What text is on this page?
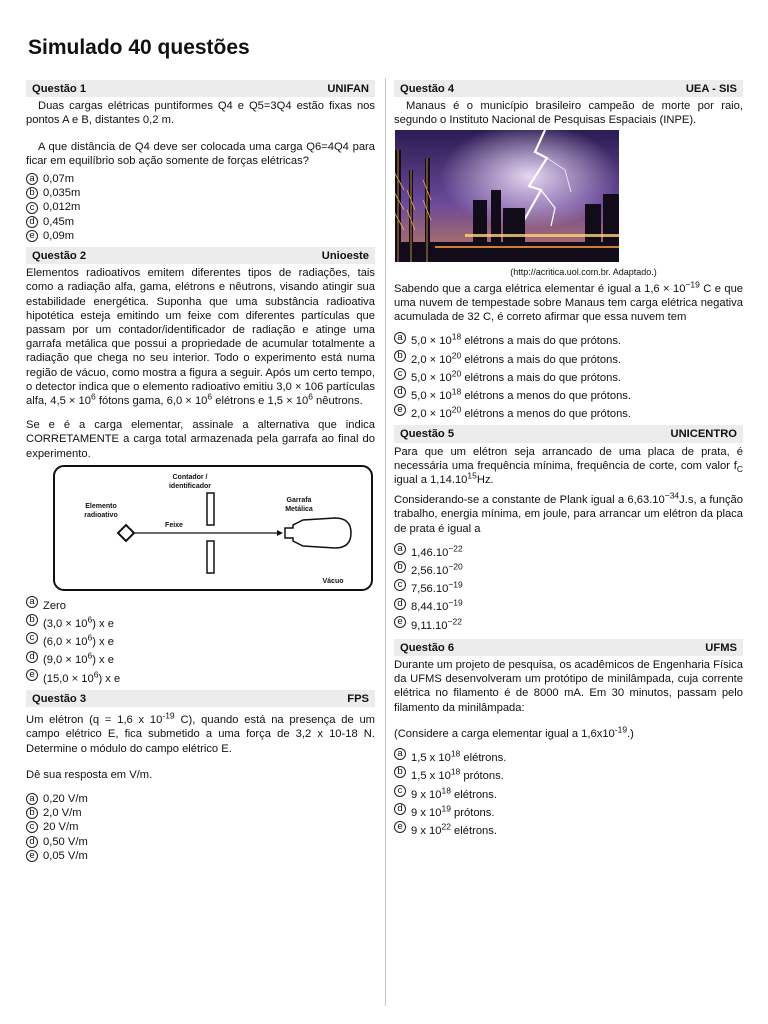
Simulado 40 questões
Questão 1	UNIFAN

Duas cargas elétricas puntiformes Q4 e Q5=3Q4 estão fixas nos pontos A e B, distantes 0,2 m.

A que distância de Q4 deve ser colocada uma carga Q6=4Q4 para ficar em equilíbrio sob ação somente de forças elétricas?

a 0,07m
b 0,035m
c 0,012m
d 0,45m
e 0,09m
Questão 2	Unioeste

Elementos radioativos emitem diferentes tipos de radiações, tais como a radiação alfa, gama, elétrons e nêutrons, visando atingir sua estabilidade energética. Suponha que uma substância radioativa hipotética esteja emitindo um feixe com diferentes partículas que passam por um contador/identificador de radiação e atinge uma garrafa metálica que possui a propriedade de acumular totalmente a radiação que chega no seu interior. Todo o experimento está numa região de vácuo, como mostra a figura a seguir. Após um certo tempo, o detector indica que o elemento radioativo emitiu 3,0 × 106 partículas alfa, $4,5 \times 10^6$ fótons gama, $6,0 \times 10^6$ elétrons e $1,5 \times 10^6$ nêutrons.

Se e é a carga elementar, assinale a alternativa que indica CORRETAMENTE a carga total armazenada pela garrafa ao final do experimento.

Contador /
identificador
Elemento
radioativo
Feixe
Garrafa
Metálica
Vácuo
a Zero
b $(3,0 \times 10^6)$ x e
c $(6,0 \times 10^6)$ x e
d $(9,0 \times 10^6)$ x e
e $(15,0 \times 10^6)$ x e
Questão 3	FPS

Um elétron (q = 1,6 x $10^{-19}$ C), quando está na presença de um campo elétrico E, fica submetido a uma força de 3,2 x 10-18 N. Determine o módulo do campo elétrico E.

Dê sua resposta em V/m.

a 0,20 V/m
b 2,0 V/m
c 20 V/m
d 0,50 V/m
e 0,05 V/m
Questão 4	UEA - SIS

Manaus é o município brasileiro campeão de morte por raio, segundo o Instituto Nacional de Pesquisas Espaciais (INPE).

(http://acritica.uol.com.br. Adaptado.)

Sabendo que a carga elétrica elementar é igual a $1,6 \times 10^{-19}$ C e que uma nuvem de tempestade sobre Manaus tem carga elétrica negativa acumulada de 32 C, é correto afirmar que essa nuvem tem

a $5,0 \times 10^{18}$ elétrons a mais do que prótons.
b $2,0 \times 10^{20}$ elétrons a mais do que prótons.
c $5,0 \times 10^{20}$ elétrons a mais do que prótons.
d $5,0 \times 10^{18}$ elétrons a menos do que prótons.
e $2,0 \times 10^{20}$ elétrons a menos do que prótons.
Questão 5	UNICENTRO

Para que um elétron seja arrancado de uma placa de prata, é necessária uma frequência mínima, frequência de corte, com valor $f_C$ igual a 1,14.10$^{15}$Hz.

Considerando-se a constante de Plank igual a $6,63.10^{-34}J.s$, a função trabalho, energia mínima, em joule, para arrancar um elétron da placa de prata é igual a

a $1,46.10^{-22}$
b $2,56.10^{-20}$
c $7,56.10^{-19}$
d $8,44.10^{-19}$
e $9,11.10^{-22}$
Questão 6	UFMS

Durante um projeto de pesquisa, os acadêmicos de Engenharia Física da UFMS desenvolveram um protótipo de minilâmpada, cuja corrente elétrica no filamento é de 8000 mA. Em 30 minutos, passam pelo filamento da minilâmpada:

(Considere a carga elementar igual a $1,6x10^{-19}$.)

a 1,5 x $10^{18}$ elétrons.
b 1,5 x $10^{18}$ prótons.
c 9 x $10^{18}$ elétrons.
d 9 x $10^{19}$ prótons.
e 9 x $10^{22}$ elétrons.
